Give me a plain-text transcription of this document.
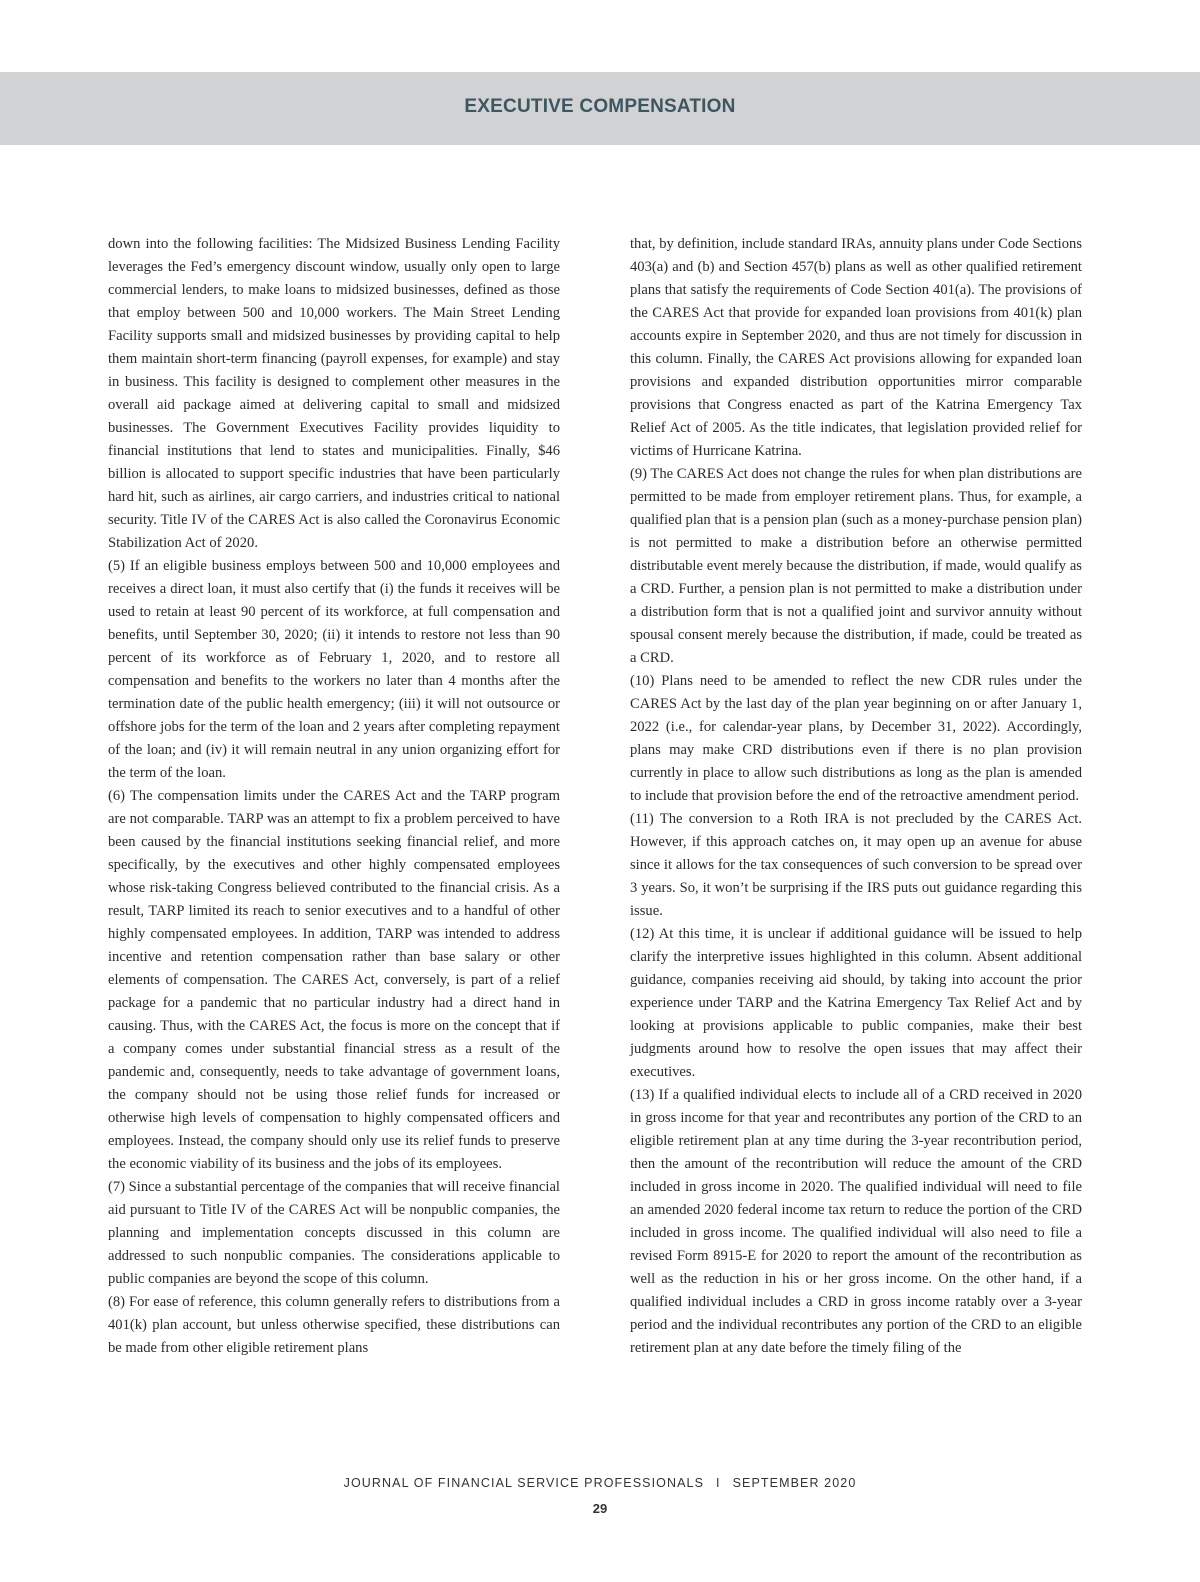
EXECUTIVE COMPENSATION

down into the following facilities: The Midsized Business Lending Facility leverages the Fed’s emergency discount window, usually only open to large commercial lenders, to make loans to midsized businesses, defined as those that employ between 500 and 10,000 workers. The Main Street Lending Facility supports small and midsized businesses by providing capital to help them maintain short-term financing (payroll expenses, for example) and stay in business. This facility is designed to complement other measures in the overall aid package aimed at delivering capital to small and midsized businesses. The Government Executives Facility provides liquidity to financial institutions that lend to states and municipalities. Finally, $46 billion is allocated to support specific industries that have been particularly hard hit, such as airlines, air cargo carriers, and industries critical to national security. Title IV of the CARES Act is also called the Coronavirus Economic Stabilization Act of 2020.

(5) If an eligible business employs between 500 and 10,000 employees and receives a direct loan, it must also certify that (i) the funds it receives will be used to retain at least 90 percent of its workforce, at full compensation and benefits, until September 30, 2020; (ii) it intends to restore not less than 90 percent of its workforce as of February 1, 2020, and to restore all compensation and benefits to the workers no later than 4 months after the termination date of the public health emergency; (iii) it will not outsource or offshore jobs for the term of the loan and 2 years after completing repayment of the loan; and (iv) it will remain neutral in any union organizing effort for the term of the loan.

(6) The compensation limits under the CARES Act and the TARP program are not comparable. TARP was an attempt to fix a problem perceived to have been caused by the financial institutions seeking financial relief, and more specifically, by the executives and other highly compensated employees whose risk-taking Congress believed contributed to the financial crisis. As a result, TARP limited its reach to senior executives and to a handful of other highly compensated employees. In addition, TARP was intended to address incentive and retention compensation rather than base salary or other elements of compensation. The CARES Act, conversely, is part of a relief package for a pandemic that no particular industry had a direct hand in causing. Thus, with the CARES Act, the focus is more on the concept that if a company comes under substantial financial stress as a result of the pandemic and, consequently, needs to take advantage of government loans, the company should not be using those relief funds for increased or otherwise high levels of compensation to highly compensated officers and employees. Instead, the company should only use its relief funds to preserve the economic viability of its business and the jobs of its employees.

(7) Since a substantial percentage of the companies that will receive financial aid pursuant to Title IV of the CARES Act will be nonpublic companies, the planning and implementation concepts discussed in this column are addressed to such nonpublic companies. The considerations applicable to public companies are beyond the scope of this column.

(8) For ease of reference, this column generally refers to distributions from a 401(k) plan account, but unless otherwise specified, these distributions can be made from other eligible retirement plans

that, by definition, include standard IRAs, annuity plans under Code Sections 403(a) and (b) and Section 457(b) plans as well as other qualified retirement plans that satisfy the requirements of Code Section 401(a). The provisions of the CARES Act that provide for expanded loan provisions from 401(k) plan accounts expire in September 2020, and thus are not timely for discussion in this column. Finally, the CARES Act provisions allowing for expanded loan provisions and expanded distribution opportunities mirror comparable provisions that Congress enacted as part of the Katrina Emergency Tax Relief Act of 2005. As the title indicates, that legislation provided relief for victims of Hurricane Katrina.

(9) The CARES Act does not change the rules for when plan distributions are permitted to be made from employer retirement plans. Thus, for example, a qualified plan that is a pension plan (such as a money-purchase pension plan) is not permitted to make a distribution before an otherwise permitted distributable event merely because the distribution, if made, would qualify as a CRD. Further, a pension plan is not permitted to make a distribution under a distribution form that is not a qualified joint and survivor annuity without spousal consent merely because the distribution, if made, could be treated as a CRD.

(10) Plans need to be amended to reflect the new CDR rules under the CARES Act by the last day of the plan year beginning on or after January 1, 2022 (i.e., for calendar-year plans, by December 31, 2022). Accordingly, plans may make CRD distributions even if there is no plan provision currently in place to allow such distributions as long as the plan is amended to include that provision before the end of the retroactive amendment period.

(11) The conversion to a Roth IRA is not precluded by the CARES Act. However, if this approach catches on, it may open up an avenue for abuse since it allows for the tax consequences of such conversion to be spread over 3 years. So, it won’t be surprising if the IRS puts out guidance regarding this issue.

(12) At this time, it is unclear if additional guidance will be issued to help clarify the interpretive issues highlighted in this column. Absent additional guidance, companies receiving aid should, by taking into account the prior experience under TARP and the Katrina Emergency Tax Relief Act and by looking at provisions applicable to public companies, make their best judgments around how to resolve the open issues that may affect their executives.

(13) If a qualified individual elects to include all of a CRD received in 2020 in gross income for that year and recontributes any portion of the CRD to an eligible retirement plan at any time during the 3-year recontribution period, then the amount of the recontribution will reduce the amount of the CRD included in gross income in 2020. The qualified individual will need to file an amended 2020 federal income tax return to reduce the portion of the CRD included in gross income. The qualified individual will also need to file a revised Form 8915-E for 2020 to report the amount of the recontribution as well as the reduction in his or her gross income. On the other hand, if a qualified individual includes a CRD in gross income ratably over a 3-year period and the individual recontributes any portion of the CRD to an eligible retirement plan at any date before the timely filing of the

JOURNAL OF FINANCIAL SERVICE PROFESSIONALS I SEPTEMBER 2020
29
